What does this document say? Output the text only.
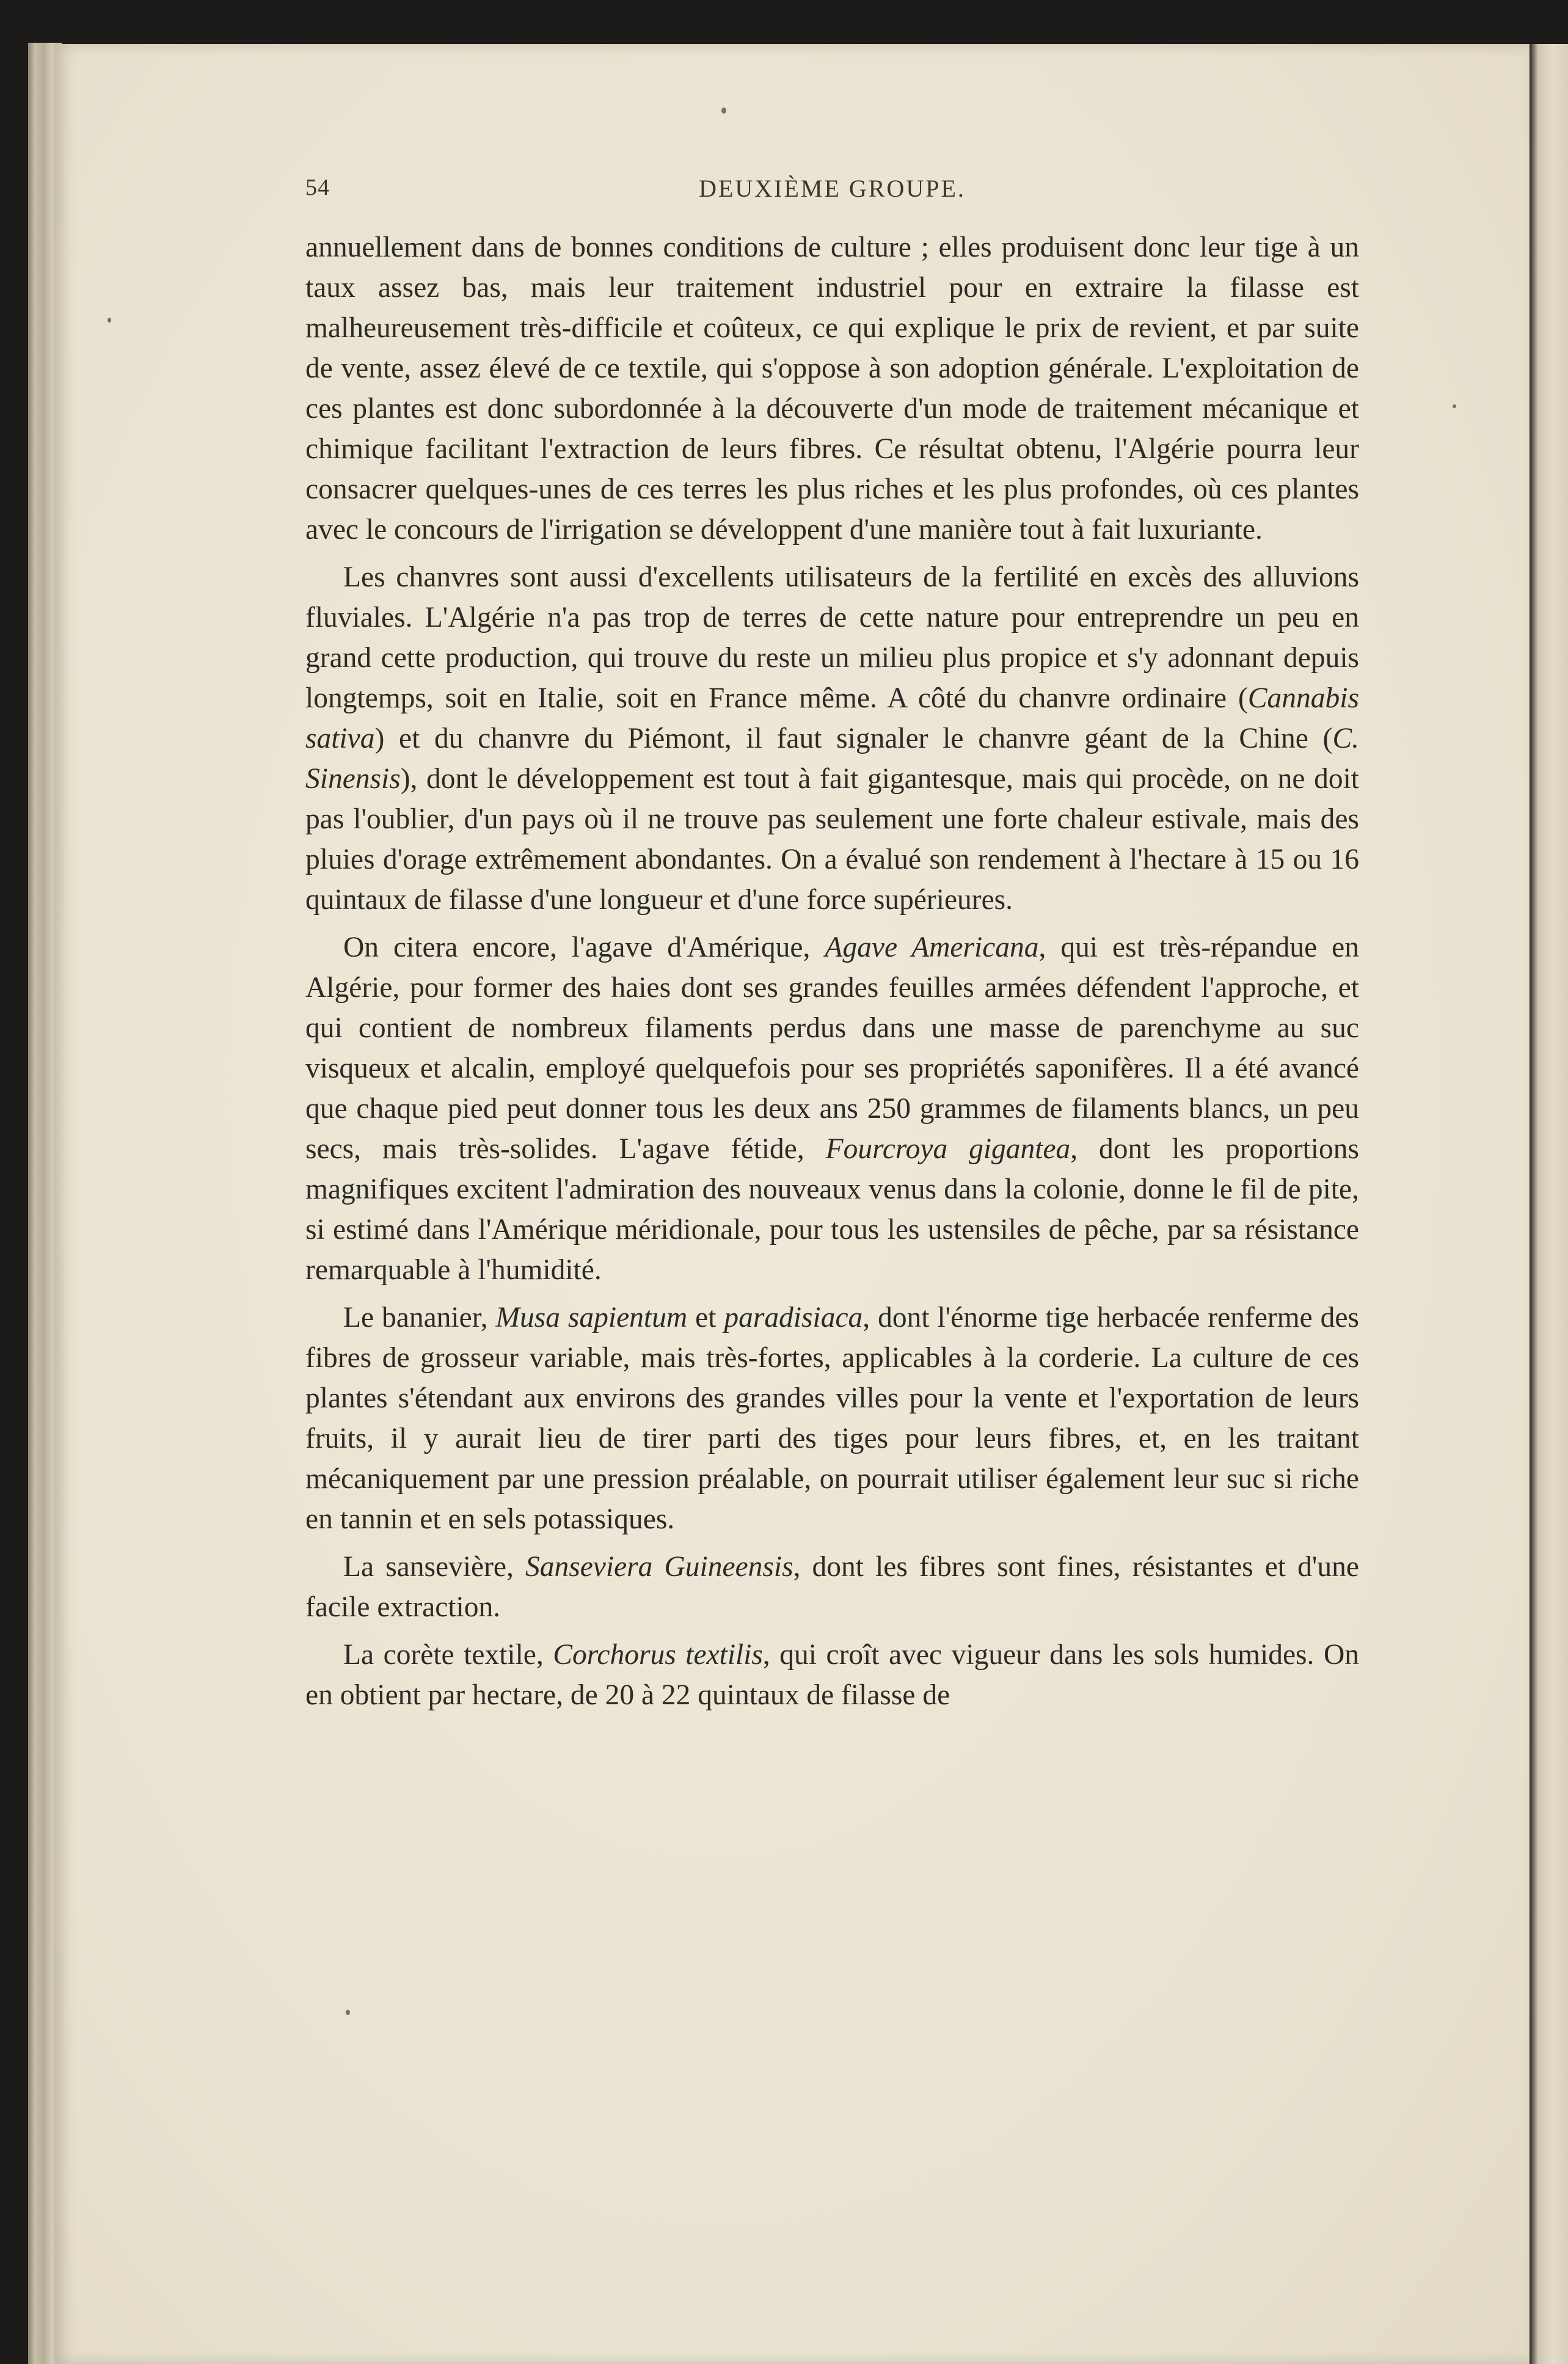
54	DEUXIÈME GROUPE.

annuellement dans de bonnes conditions de culture ; elles produisent donc leur tige à un taux assez bas, mais leur traitement industriel pour en extraire la filasse est malheureusement très-difficile et coûteux, ce qui explique le prix de revient, et par suite de vente, assez élevé de ce textile, qui s'oppose à son adoption générale. L'exploitation de ces plantes est donc subordonnée à la découverte d'un mode de traitement mécanique et chimique facilitant l'extraction de leurs fibres. Ce résultat obtenu, l'Algérie pourra leur consacrer quelques-unes de ces terres les plus riches et les plus profondes, où ces plantes avec le concours de l'irrigation se développent d'une manière tout à fait luxuriante.

Les chanvres sont aussi d'excellents utilisateurs de la fertilité en excès des alluvions fluviales. L'Algérie n'a pas trop de terres de cette nature pour entreprendre un peu en grand cette production, qui trouve du reste un milieu plus propice et s'y adonnant depuis longtemps, soit en Italie, soit en France même. A côté du chanvre ordinaire (Cannabis sativa) et du chanvre du Piémont, il faut signaler le chanvre géant de la Chine (C. Sinensis), dont le développement est tout à fait gigantesque, mais qui procède, on ne doit pas l'oublier, d'un pays où il ne trouve pas seulement une forte chaleur estivale, mais des pluies d'orage extrêmement abondantes. On a évalué son rendement à l'hectare à 15 ou 16 quintaux de filasse d'une longueur et d'une force supérieures.

On citera encore, l'agave d'Amérique, Agave Americana, qui est très-répandue en Algérie, pour former des haies dont ses grandes feuilles armées défendent l'approche, et qui contient de nombreux filaments perdus dans une masse de parenchyme au suc visqueux et alcalin, employé quelquefois pour ses propriétés saponifères. Il a été avancé que chaque pied peut donner tous les deux ans 250 grammes de filaments blancs, un peu secs, mais très-solides. L'agave fétide, Fourcroya gigantea, dont les proportions magnifiques excitent l'admiration des nouveaux venus dans la colonie, donne le fil de pite, si estimé dans l'Amérique méridionale, pour tous les ustensiles de pêche, par sa résistance remarquable à l'humidité.

Le bananier, Musa sapientum et paradisiaca, dont l'énorme tige herbacée renferme des fibres de grosseur variable, mais très-fortes, applicables à la corderie. La culture de ces plantes s'étendant aux environs des grandes villes pour la vente et l'exportation de leurs fruits, il y aurait lieu de tirer parti des tiges pour leurs fibres, et, en les traitant mécaniquement par une pression préalable, on pourrait utiliser également leur suc si riche en tannin et en sels potassiques.

La sansevière, Sanseviera Guineensis, dont les fibres sont fines, résistantes et d'une facile extraction.

La corète textile, Corchorus textilis, qui croît avec vigueur dans les sols humides. On en obtient par hectare, de 20 à 22 quintaux de filasse de
